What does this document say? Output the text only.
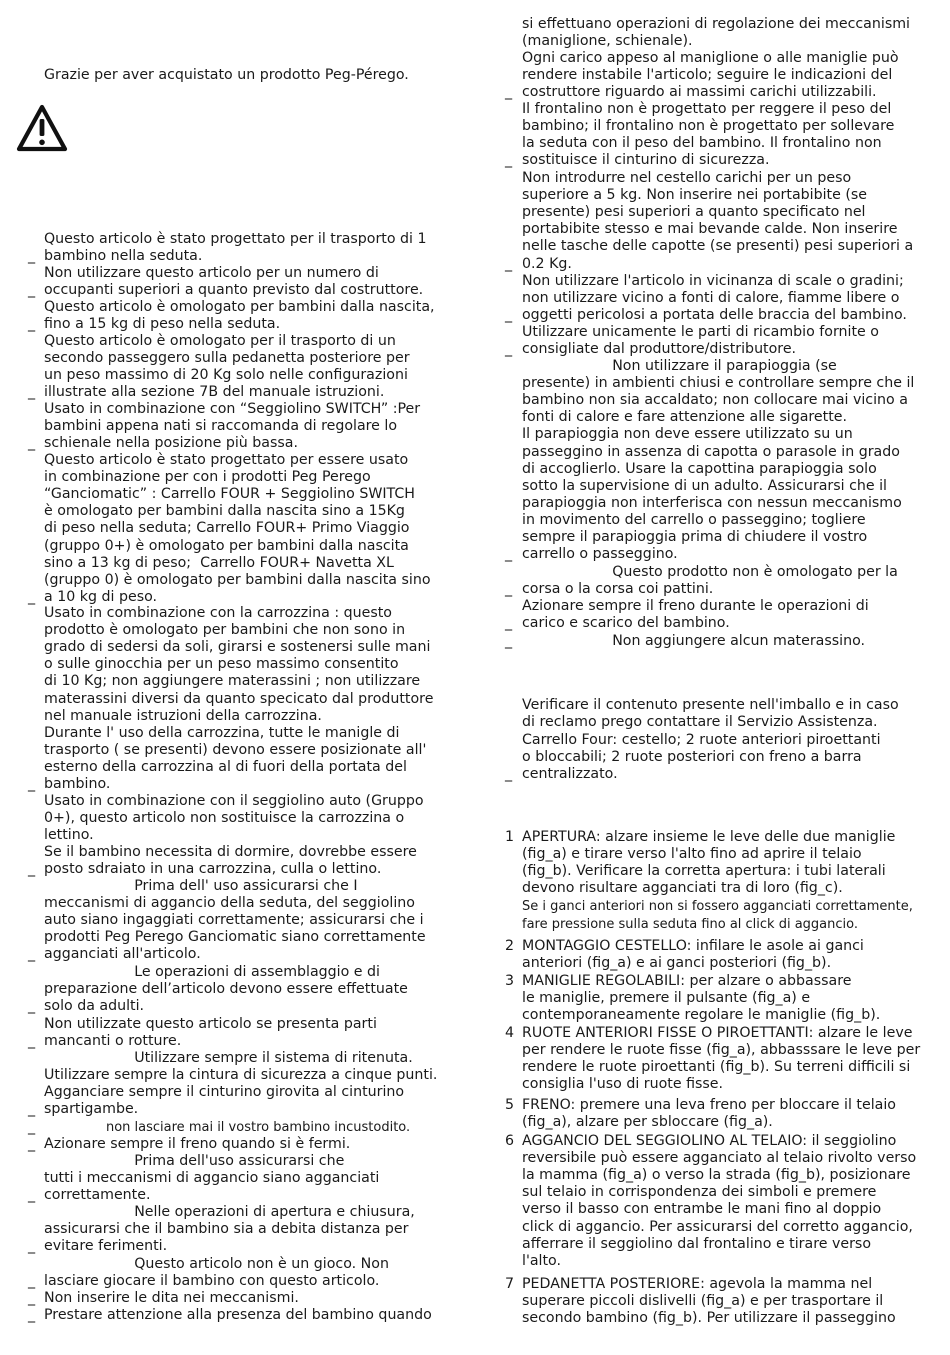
Grazie per aver acquistato un prodotto Peg-Pérego.
_
Questo articolo è stato progettato per il trasporto di 1
bambino nella seduta.
_
Non utilizzare questo articolo per un numero di
occupanti superiori a quanto previsto dal costruttore.
_
Questo articolo è omologato per bambini dalla nascita,
fino a 15 kg di peso nella seduta.
_
Questo articolo è omologato per il trasporto di un
secondo passeggero sulla pedanetta posteriore per
un peso massimo di 20 Kg solo nelle configurazioni
illustrate alla sezione 7B del manuale istruzioni.
_
Usato in combinazione con “Seggiolino SWITCH” :Per
bambini appena nati si raccomanda di regolare lo
schienale nella posizione più bassa.
_
Questo articolo è stato progettato per essere usato
in combinazione per con i prodotti Peg Perego
“Ganciomatic” : Carrello FOUR + Seggiolino SWITCH
è omologato per bambini dalla nascita sino a 15Kg
di peso nella seduta; Carrello FOUR+ Primo Viaggio
(gruppo 0+) è omologato per bambini dalla nascita
sino a 13 kg di peso;  Carrello FOUR+ Navetta XL
(gruppo 0) è omologato per bambini dalla nascita sino
a 10 kg di peso.
_
Usato in combinazione con la carrozzina : questo
prodotto è omologato per bambini che non sono in
grado di sedersi da soli, girarsi e sostenersi sulle mani
o sulle ginocchia per un peso massimo consentito
di 10 Kg; non aggiungere materassini ; non utilizzare
materassini diversi da quanto specicato dal produttore
nel manuale istruzioni della carrozzina.
Durante l' uso della carrozzina, tutte le manigle di
trasporto ( se presenti) devono essere posizionate all'
esterno della carrozzina al di fuori della portata del
bambino.
_
Usato in combinazione con il seggiolino auto (Gruppo
0+), questo articolo non sostituisce la carrozzina o
lettino.
Se il bambino necessita di dormire, dovrebbe essere
posto sdraiato in una carrozzina, culla o lettino.
_
Prima dell' uso assicurarsi che I
meccanismi di aggancio della seduta, del seggiolino
auto siano ingaggiati correttamente; assicurarsi che i
prodotti Peg Perego Ganciomatic siano correttamente
agganciati all'articolo.
_
Le operazioni di assemblaggio e di
preparazione dell’articolo devono essere effettuate
solo da adulti.
_
Non utilizzate questo articolo se presenta parti
mancanti o rotture.
_
Utilizzare sempre il sistema di ritenuta.
Utilizzare sempre la cintura di sicurezza a cinque punti.
Agganciare sempre il cinturino girovita al cinturino
spartigambe.
_ non lasciare mai il vostro bambino incustodito.
_ Azionare sempre il freno quando si è fermi.
_
Prima dell'uso assicurarsi che
tutti i meccanismi di aggancio siano agganciati
correttamente.
_
Nelle operazioni di apertura e chiusura,
assicurarsi che il bambino sia a debita distanza per
evitare ferimenti.
_
Questo articolo non è un gioco. Non
lasciare giocare il bambino con questo articolo.
_ Non inserire le dita nei meccanismi.
_ Prestare attenzione alla presenza del bambino quando
si effettuano operazioni di regolazione dei meccanismi
(maniglione, schienale).
_
Ogni carico appeso al maniglione o alle maniglie può
rendere instabile l'articolo; seguire le indicazioni del
costruttore riguardo ai massimi carichi utilizzabili.
_
Il frontalino non è progettato per reggere il peso del
bambino; il frontalino non è progettato per sollevare
la seduta con il peso del bambino. Il frontalino non
sostituisce il cinturino di sicurezza.
_
Non introdurre nel cestello carichi per un peso
superiore a 5 kg. Non inserire nei portabibite (se
presente) pesi superiori a quanto specificato nel
portabibite stesso e mai bevande calde. Non inserire
nelle tasche delle capotte (se presenti) pesi superiori a
0.2 Kg.
_
Non utilizzare l'articolo in vicinanza di scale o gradini;
non utilizzare vicino a fonti di calore, fiamme libere o
oggetti pericolosi a portata delle braccia del bambino.
_
Utilizzare unicamente le parti di ricambio fornite o
consigliate dal produttore/distributore.
_
Non utilizzare il parapioggia (se
presente) in ambienti chiusi e controllare sempre che il
bambino non sia accaldato; non collocare mai vicino a
fonti di calore e fare attenzione alle sigarette.
Il parapioggia non deve essere utilizzato su un
passeggino in assenza di capotta o parasole in grado
di accoglierlo. Usare la capottina parapioggia solo
sotto la supervisione di un adulto. Assicurarsi che il
parapioggia non interferisca con nessun meccanismo
in movimento del carrello o passeggino; togliere
sempre il parapioggia prima di chiudere il vostro
carrello o passeggino.
_
Questo prodotto non è omologato per la
corsa o la corsa coi pattini.
_
Azionare sempre il freno durante le operazioni di
carico e scarico del bambino.
_ Non aggiungere alcun materassino.
Verificare il contenuto presente nell'imballo e in caso
di reclamo prego contattare il Servizio Assistenza.
_
Carrello Four: cestello; 2 ruote anteriori piroettanti
o bloccabili; 2 ruote posteriori con freno a barra
centralizzato.
1 APERTURA: alzare insieme le leve delle due maniglie
(fig_a) e tirare verso l'alto fino ad aprire il telaio
(fig_b). Verificare la corretta apertura: i tubi laterali
devono risultare agganciati tra di loro (fig_c).
Se i ganci anteriori non si fossero agganciati correttamente,
fare pressione sulla seduta fino al click di aggancio.
2 MONTAGGIO CESTELLO: infilare le asole ai ganci
anteriori (fig_a) e ai ganci posteriori (fig_b).
3 MANIGLIE REGOLABILI: per alzare o abbassare
le maniglie, premere il pulsante (fig_a) e
contemporaneamente regolare le maniglie (fig_b).
4 RUOTE ANTERIORI FISSE O PIROETTANTI: alzare le leve
per rendere le ruote fisse (fig_a), abbasssare le leve per
rendere le ruote piroettanti (fig_b). Su terreni difficili si
consiglia l'uso di ruote fisse.
5 FRENO: premere una leva freno per bloccare il telaio
(fig_a), alzare per sbloccare (fig_a).
6 AGGANCIO DEL SEGGIOLINO AL TELAIO: il seggiolino
reversibile può essere agganciato al telaio rivolto verso
la mamma (fig_a) o verso la strada (fig_b), posizionare
sul telaio in corrispondenza dei simboli e premere
verso il basso con entrambe le mani fino al doppio
click di aggancio. Per assicurarsi del corretto aggancio,
afferrare il seggiolino dal frontalino e tirare verso
l'alto.
7 PEDANETTA POSTERIORE: agevola la mamma nel
superare piccoli dislivelli (fig_a) e per trasportare il
secondo bambino (fig_b). Per utilizzare il passeggino
